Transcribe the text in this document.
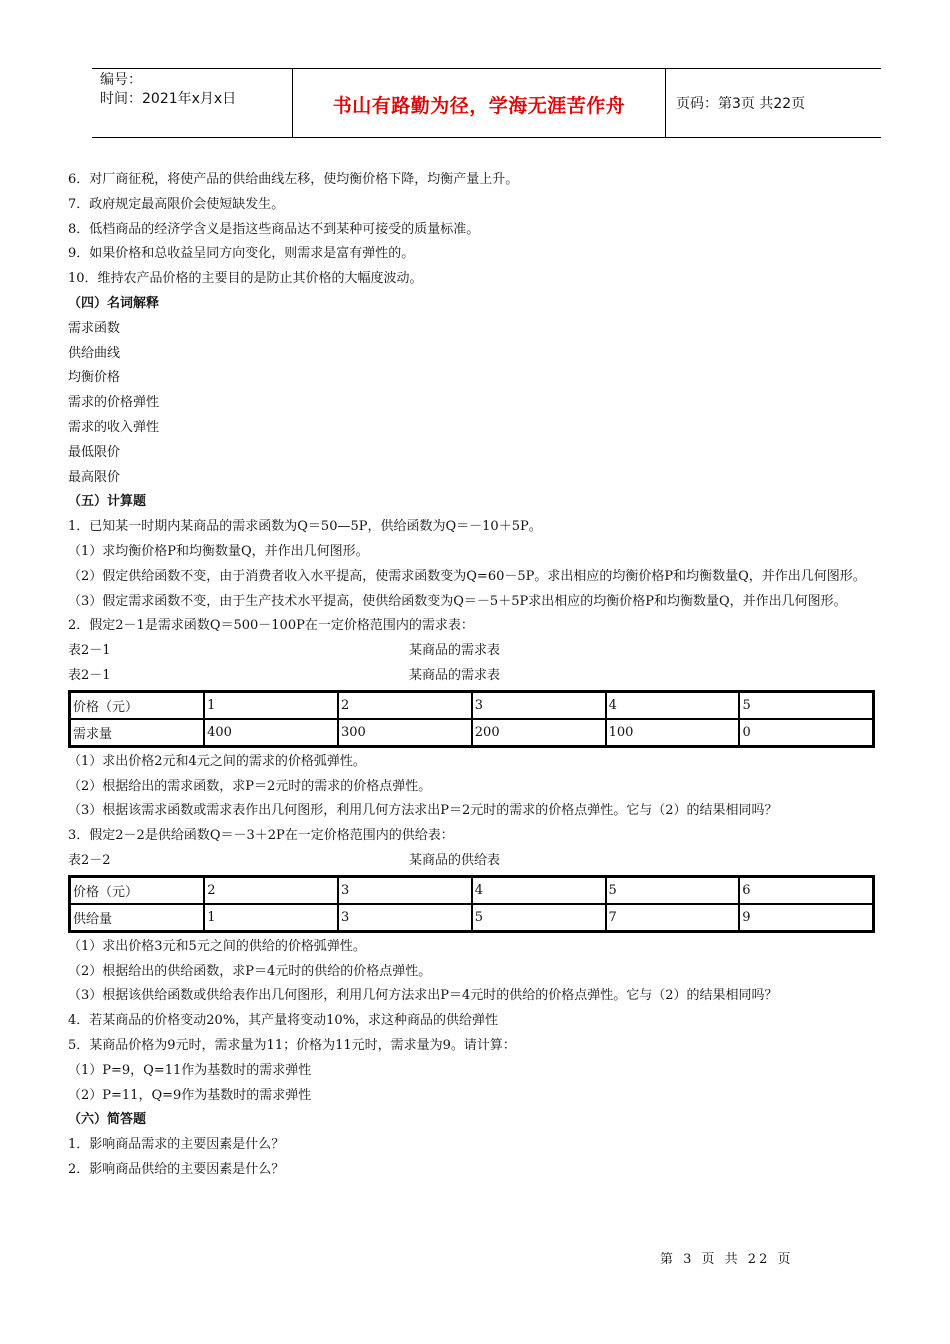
编号：
时间：2021年x月x日	书山有路勤为径，学海无涯苦作舟	页码：第3页 共22页
6．对厂商征税，将使产品的供给曲线左移，使均衡价格下降，均衡产量上升。
7．政府规定最高限价会使短缺发生。
8．低档商品的经济学含义是指这些商品达不到某种可接受的质量标准。
9．如果价格和总收益呈同方向变化，则需求是富有弹性的。
10．维持农产品价格的主要目的是防止其价格的大幅度波动。
（四）名词解释
需求函数
供给曲线
均衡价格
需求的价格弹性
需求的收入弹性
最低限价
最高限价
（五）计算题
1．已知某一时期内某商品的需求函数为Q＝50—5P，供给函数为Q＝－10＋5P。
（1）求均衡价格P和均衡数量Q，并作出几何图形。
（2）假定供给函数不变，由于消费者收入水平提高，使需求函数变为Q=60－5P。求出相应的均衡价格P和均衡数量Q，并作出几何图形。
（3）假定需求函数不变，由于生产技术水平提高，使供给函数变为Q＝－5＋5P求出相应的均衡价格P和均衡数量Q，并作出几何图形。
2．假定2－1是需求函数Q＝500－100P在一定价格范围内的需求表：
表2－1	某商品的需求表
表2－1	某商品的需求表
价格（元）	1	2	3	4	5
需求量	400	300	200	100	0
（1）求出价格2元和4元之间的需求的价格弧弹性。
（2）根据给出的需求函数，求P＝2元时的需求的价格点弹性。
（3）根据该需求函数或需求表作出几何图形，利用几何方法求出P＝2元时的需求的价格点弹性。它与（2）的结果相同吗？
3．假定2－2是供给函数Q＝－3＋2P在一定价格范围内的供给表：
表2－2	某商品的供给表
价格（元）	2	3	4	5	6
供给量	1	3	5	7	9
（1）求出价格3元和5元之间的供给的价格弧弹性。
（2）根据给出的供给函数，求P＝4元时的供给的价格点弹性。
（3）根据该供给函数或供给表作出几何图形，利用几何方法求出P＝4元时的供给的价格点弹性。它与（2）的结果相同吗？
4．若某商品的价格变动20%，其产量将变动10%，求这种商品的供给弹性
5．某商品价格为9元时，需求量为11；价格为11元时，需求量为9。请计算：
（1）P=9，Q=11作为基数时的需求弹性
（2）P=11，Q=9作为基数时的需求弹性
（六）简答题
1．影响商品需求的主要因素是什么？
2．影响商品供给的主要因素是什么？
第 3 页 共 22 页
